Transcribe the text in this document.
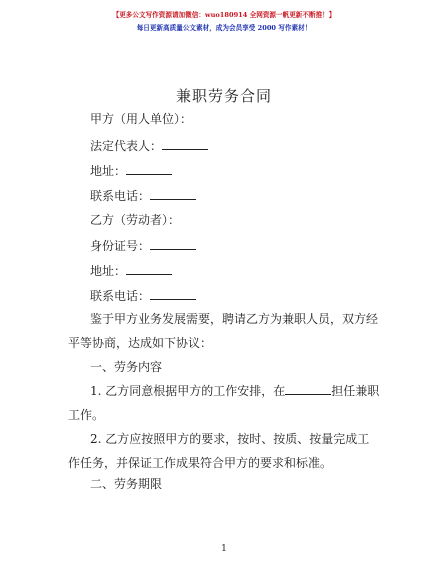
【更多公文写作资源请加微信：wuo180914 全网资源一帆更新不断推！】
每日更新高质量公文素材，成为会员享受 2000 写作素材！
兼职劳务合同
甲方（用人单位）：
法定代表人：
地址：
联系电话：
乙方（劳动者）：
身份证号：
地址：
联系电话：
鉴于甲方业务发展需要，聘请乙方为兼职人员，双方经平等协商，达成如下协议：
一、劳务内容
1. 乙方同意根据甲方的工作安排，在	担任兼职工作。
2. 乙方应按照甲方的要求，按时、按质、按量完成工作任务，并保证工作成果符合甲方的要求和标准。
二、劳务期限
1
